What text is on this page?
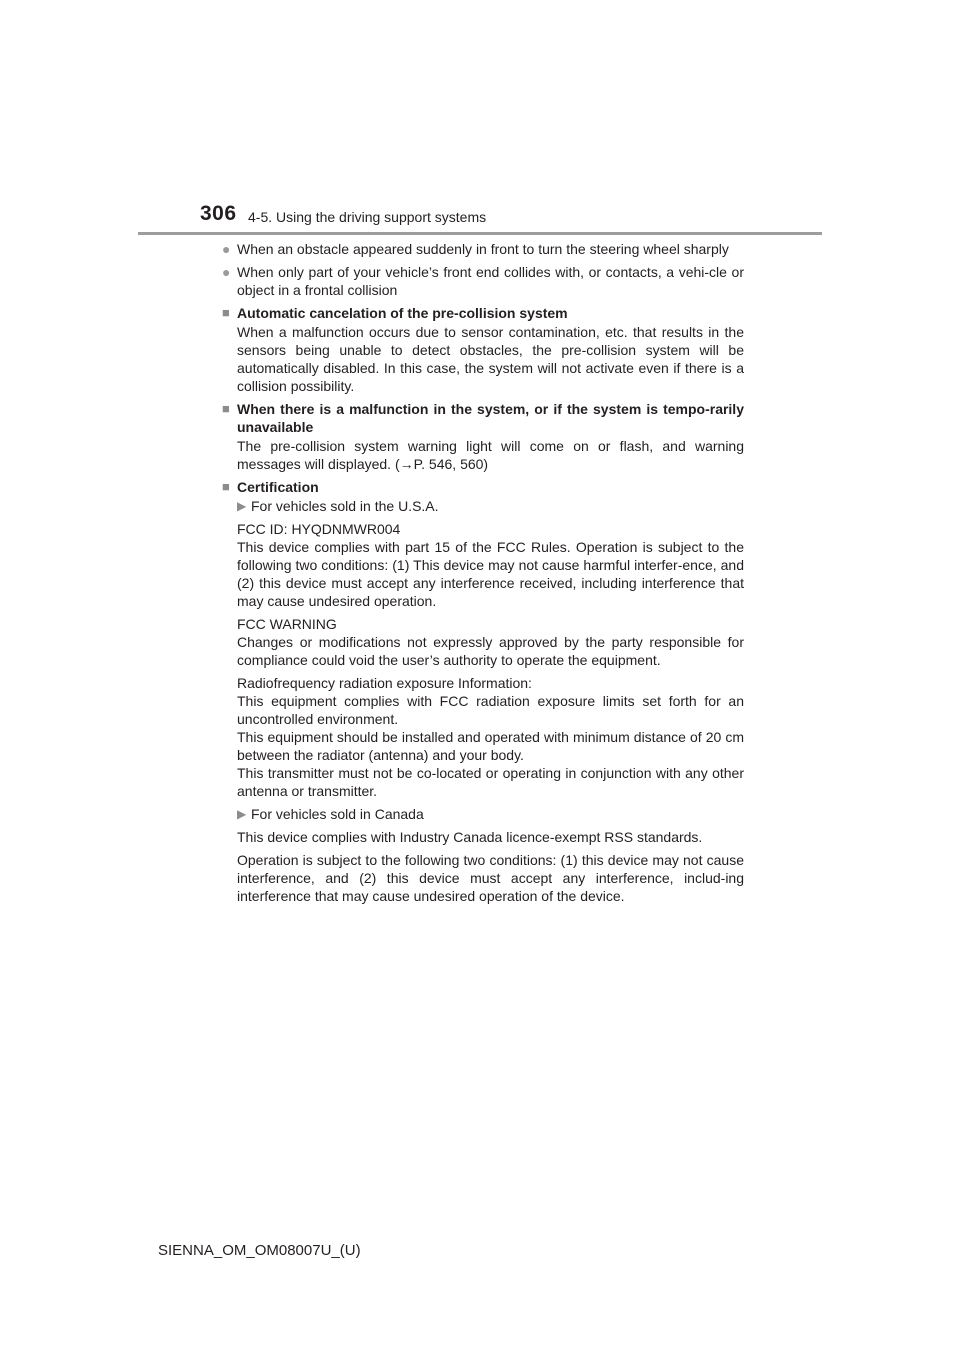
306 4-5. Using the driving support systems
● When an obstacle appeared suddenly in front to turn the steering wheel sharply
● When only part of your vehicle’s front end collides with, or contacts, a vehi-cle or object in a frontal collision
■ Automatic cancelation of the pre-collision system
When a malfunction occurs due to sensor contamination, etc. that results in the sensors being unable to detect obstacles, the pre-collision system will be automatically disabled. In this case, the system will not activate even if there is a collision possibility.
■ When there is a malfunction in the system, or if the system is tempo-rarily unavailable
The pre-collision system warning light will come on or flash, and warning messages will displayed. (→P. 546, 560)
■ Certification
▶ For vehicles sold in the U.S.A.
FCC ID: HYQDNMWR004
This device complies with part 15 of the FCC Rules. Operation is subject to the following two conditions: (1) This device may not cause harmful interfer-ence, and (2) this device must accept any interference received, including interference that may cause undesired operation.
FCC WARNING
Changes or modifications not expressly approved by the party responsible for compliance could void the user’s authority to operate the equipment.
Radiofrequency radiation exposure Information:
This equipment complies with FCC radiation exposure limits set forth for an uncontrolled environment.
This equipment should be installed and operated with minimum distance of 20 cm between the radiator (antenna) and your body.
This transmitter must not be co-located or operating in conjunction with any other antenna or transmitter.
▶ For vehicles sold in Canada
This device complies with Industry Canada licence-exempt RSS standards.
Operation is subject to the following two conditions: (1) this device may not cause interference, and (2) this device must accept any interference, includ-ing interference that may cause undesired operation of the device.
SIENNA_OM_OM08007U_(U)
